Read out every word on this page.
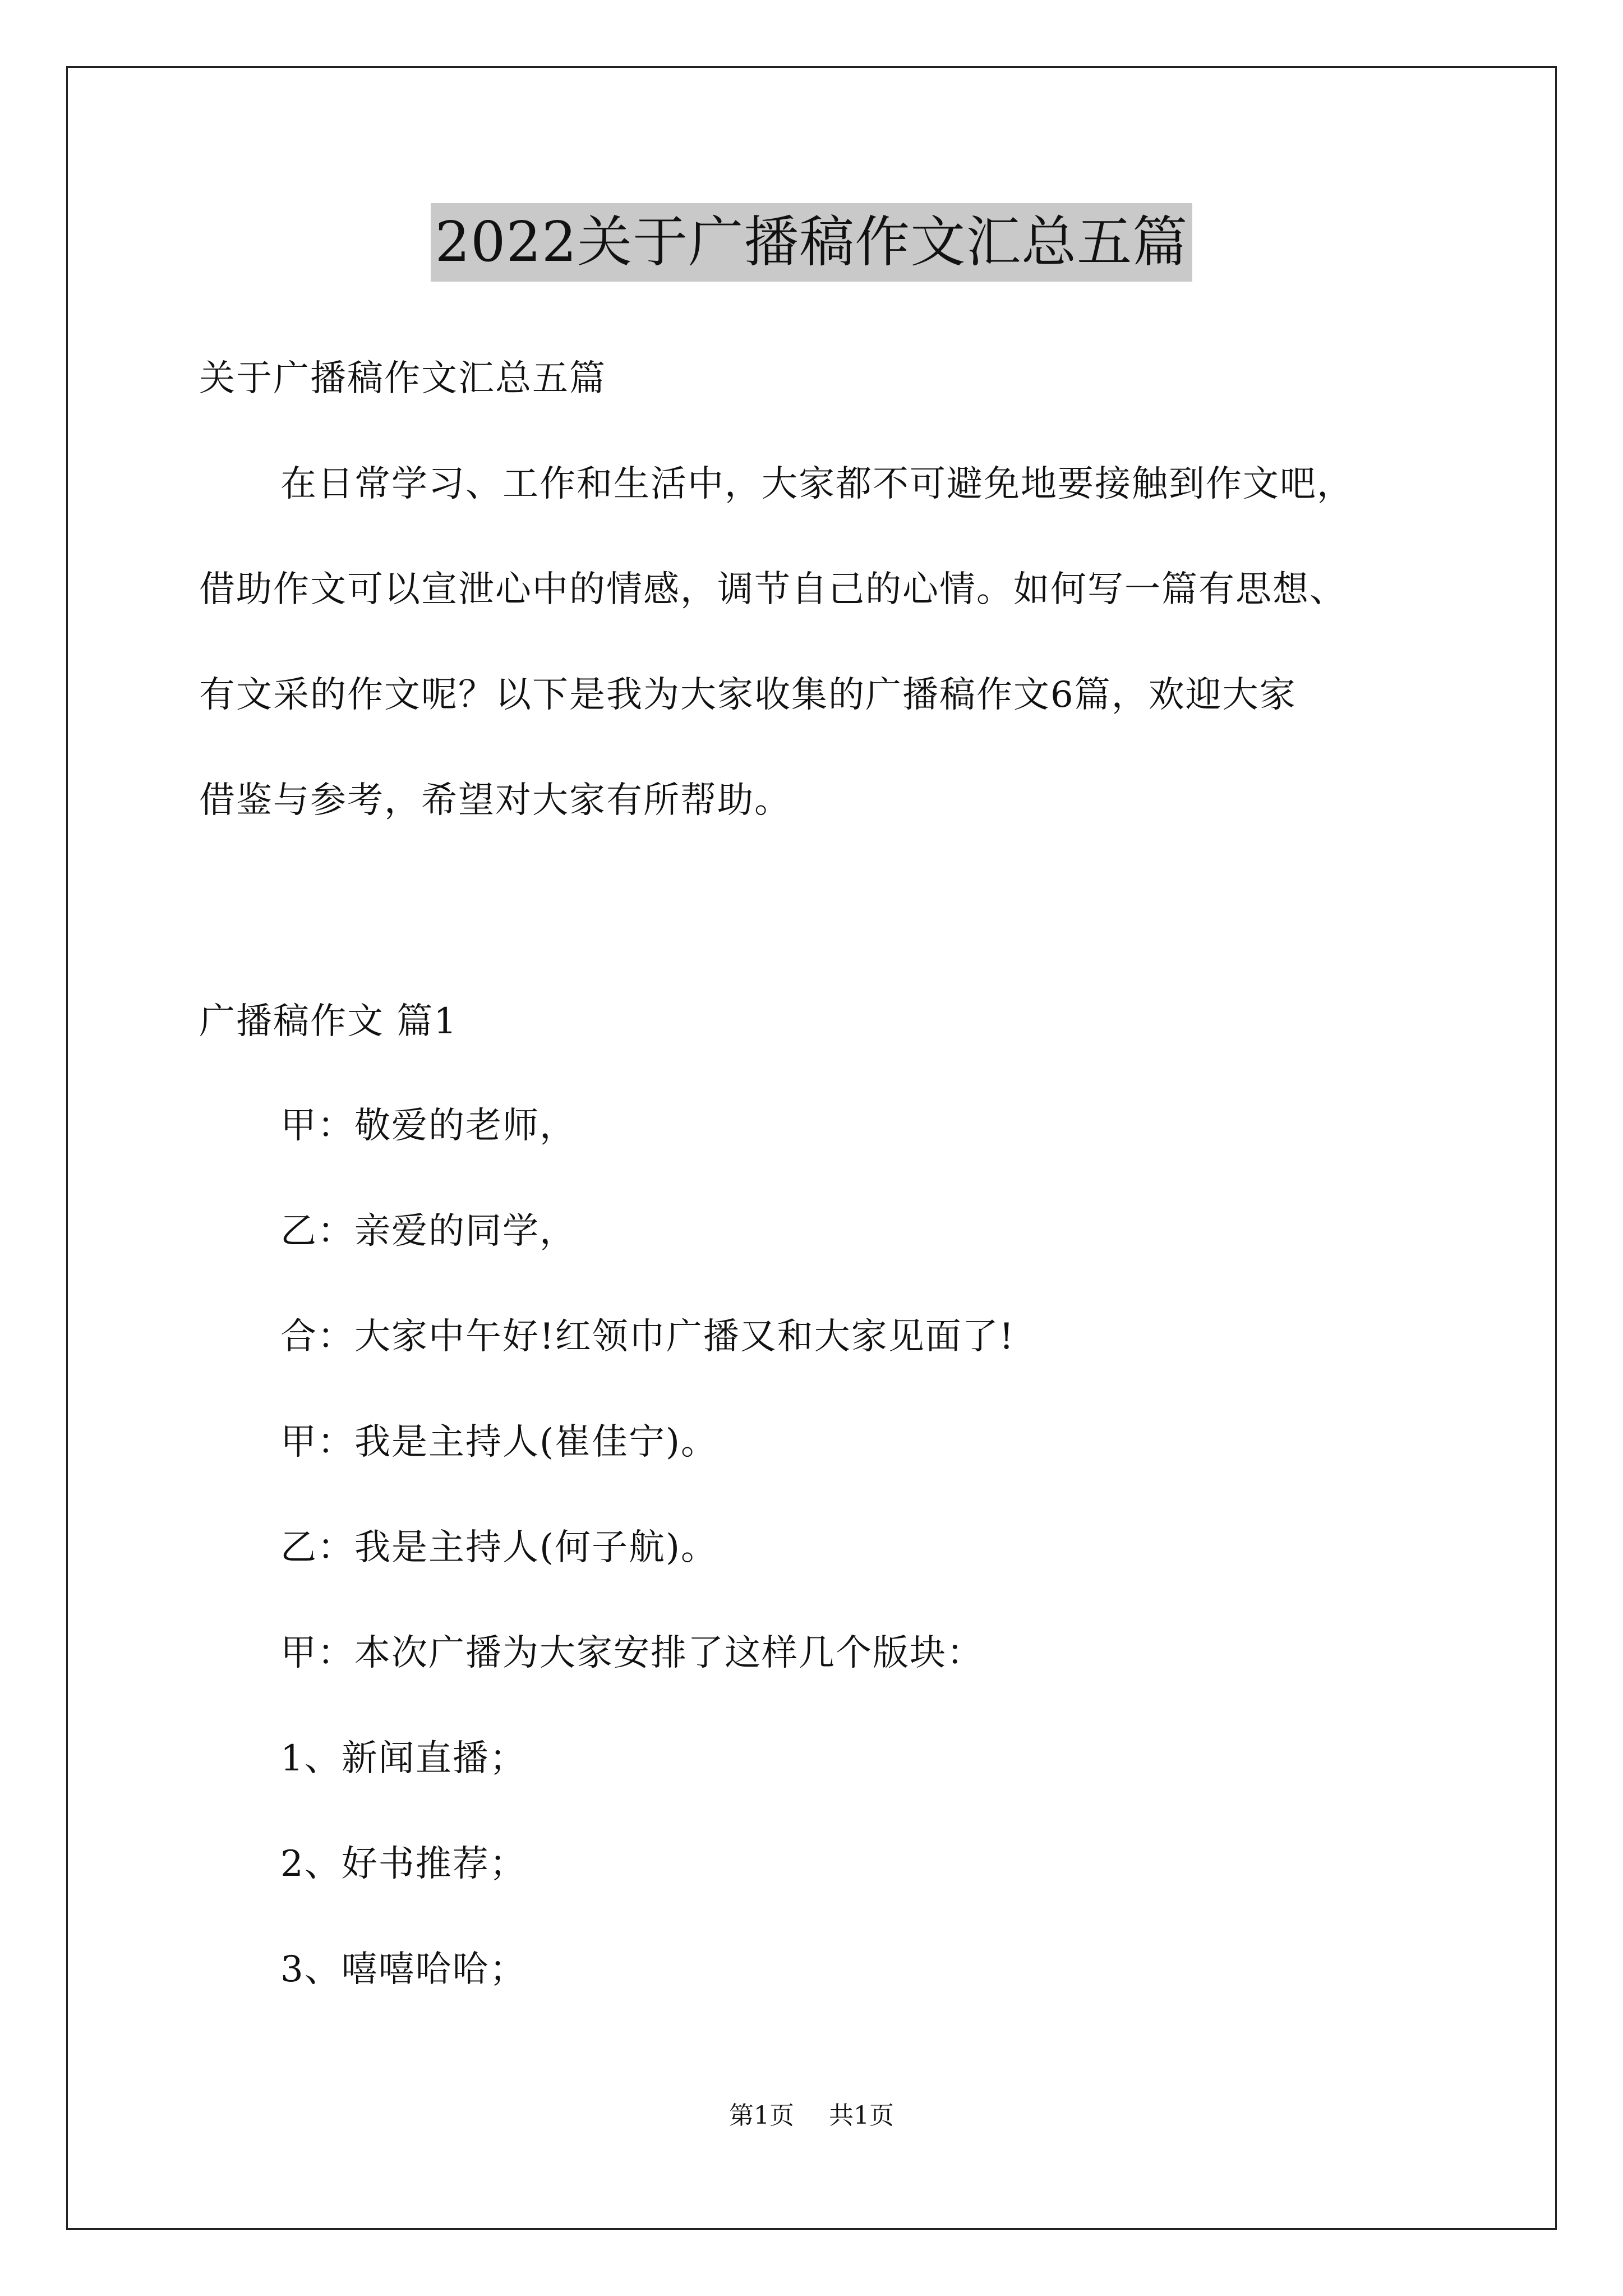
2022关于广播稿作文汇总五篇
关于广播稿作文汇总五篇
在日常学习、工作和生活中，大家都不可避免地要接触到作文吧，
借助作文可以宣泄心中的情感，调节自己的心情。如何写一篇有思想、
有文采的作文呢？以下是我为大家收集的广播稿作文6篇，欢迎大家
借鉴与参考，希望对大家有所帮助。
广播稿作文 篇1
甲：敬爱的老师，
乙：亲爱的同学，
合：大家中午好!红领巾广播又和大家见面了!
甲：我是主持人(崔佳宁)。
乙：我是主持人(何子航)。
甲：本次广播为大家安排了这样几个版块：
1、新闻直播；
2、好书推荐；
3、嘻嘻哈哈；
第1页 共1页
